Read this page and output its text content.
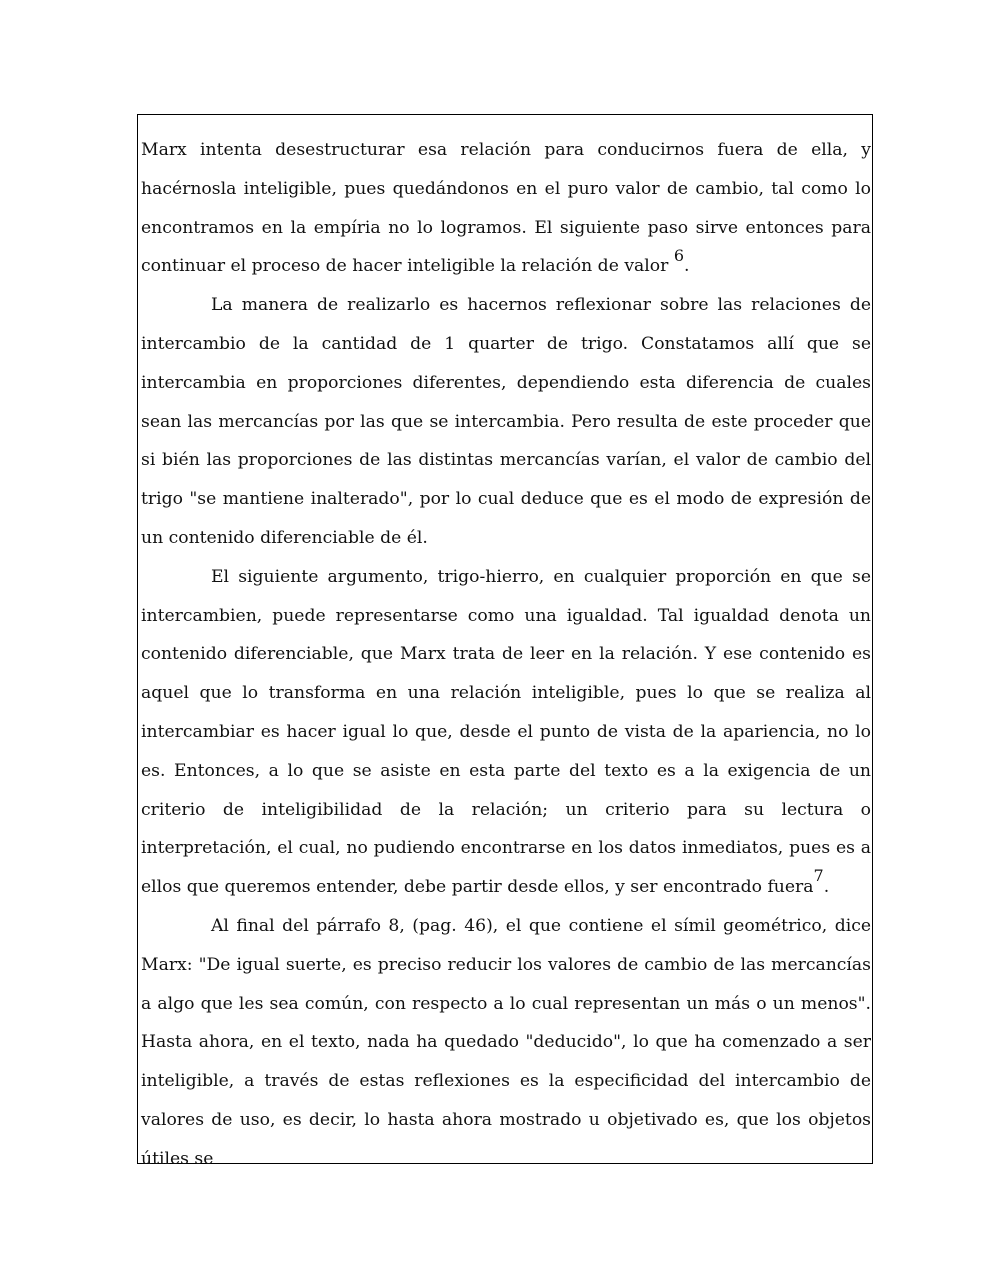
Marx intenta desestructurar esa relación para conducirnos fuera de ella, y hacérnosla inteligible, pues quedándonos en el puro valor de cambio, tal como lo encontramos en la empíria no lo logramos. El siguiente paso sirve entonces para continuar el proceso de hacer inteligible la relación de valor $^6$.

La manera de realizarlo es hacernos reflexionar sobre las relaciones de intercambio de la cantidad de 1 quarter de trigo. Constatamos allí que se intercambia en proporciones diferentes, dependiendo esta diferencia de cuales sean las mercancías por las que se intercambia. Pero resulta de este proceder que si bién las proporciones de las distintas mercancías varían, el valor de cambio del trigo "se mantiene inalterado", por lo cual deduce que es el modo de expresión de un contenido diferenciable de él.

El siguiente argumento, trigo-hierro, en cualquier proporción en que se intercambien, puede representarse como una igualdad. Tal igualdad denota un contenido diferenciable, que Marx trata de leer en la relación. Y ese contenido es aquel que lo transforma en una relación inteligible, pues lo que se realiza al intercambiar es hacer igual lo que, desde el punto de vista de la apariencia, no lo es. Entonces, a lo que se asiste en esta parte del texto es a la exigencia de un criterio de inteligibilidad de la relación; un criterio para su lectura o interpretación, el cual, no pudiendo encontrarse en los datos inmediatos, pues es a ellos que queremos entender, debe partir desde ellos, y ser encontrado fuera$^7$.

Al final del párrafo 8, (pag. 46), el que contiene el símil geométrico, dice Marx: "De igual suerte, es preciso reducir los valores de cambio de las mercancías a algo que les sea común, con respecto a lo cual representan un más o un menos". Hasta ahora, en el texto, nada ha quedado "deducido", lo que ha comenzado a ser inteligible, a través de estas reflexiones es la especificidad del intercambio de valores de uso, es decir, lo hasta ahora mostrado u objetivado es, que los objetos útiles se
